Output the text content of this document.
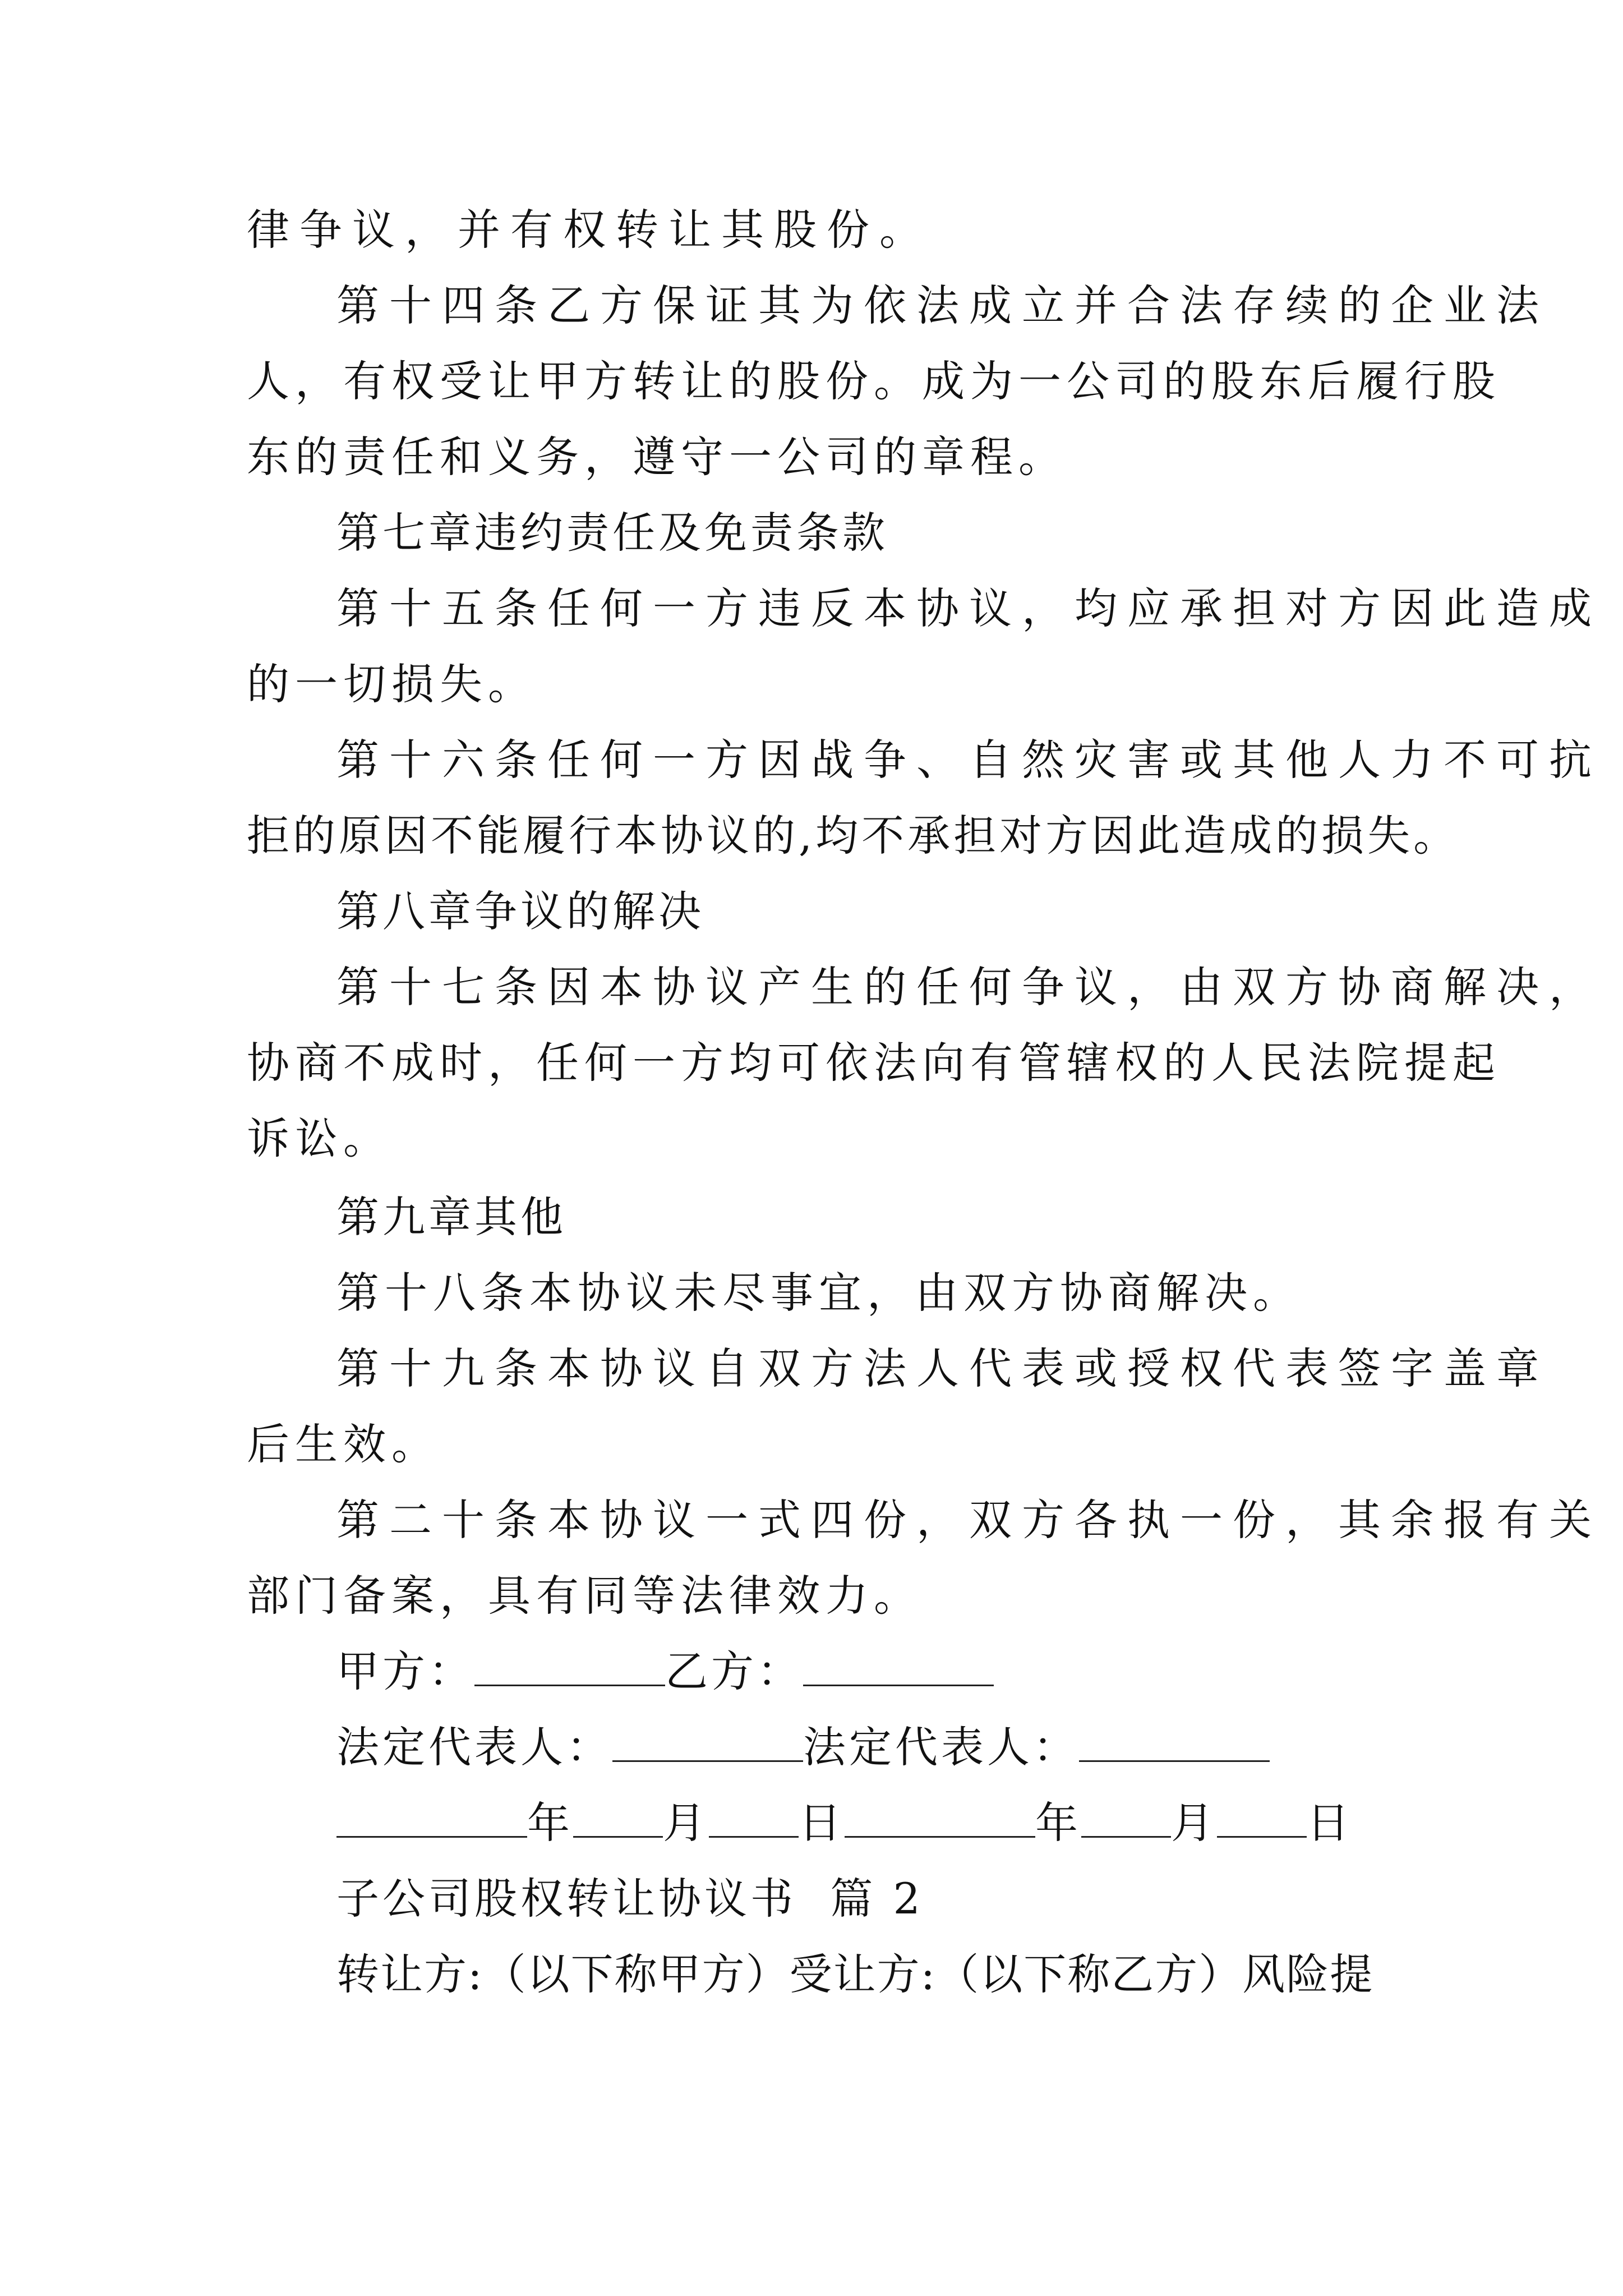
律争议，并有权转让其股份。
第十四条乙方保证其为依法成立并合法存续的企业法
人，有权受让甲方转让的股份。成为一公司的股东后履行股
东的责任和义务，遵守一公司的章程。
第七章违约责任及免责条款
第十五条任何一方违反本协议，均应承担对方因此造成
的一切损失。
第十六条任何一方因战争、自然灾害或其他人力不可抗
拒的原因不能履行本协议的,均不承担对方因此造成的损失。
第八章争议的解决
第十七条因本协议产生的任何争议，由双方协商解决，
协商不成时，任何一方均可依法向有管辖权的人民法院提起
诉讼。
第九章其他
第十八条本协议未尽事宜，由双方协商解决。
第十九条本协议自双方法人代表或授权代表签字盖章
后生效。
第二十条本协议一式四份，双方各执一份，其余报有关
部门备案，具有同等法律效力。
甲方：	乙方：
法定代表人：	法定代表人：
年 月 日	年 月 日
子公司股权转让协议书  篇 2
转让方:（以下称甲方）受让方:（以下称乙方）风险提
